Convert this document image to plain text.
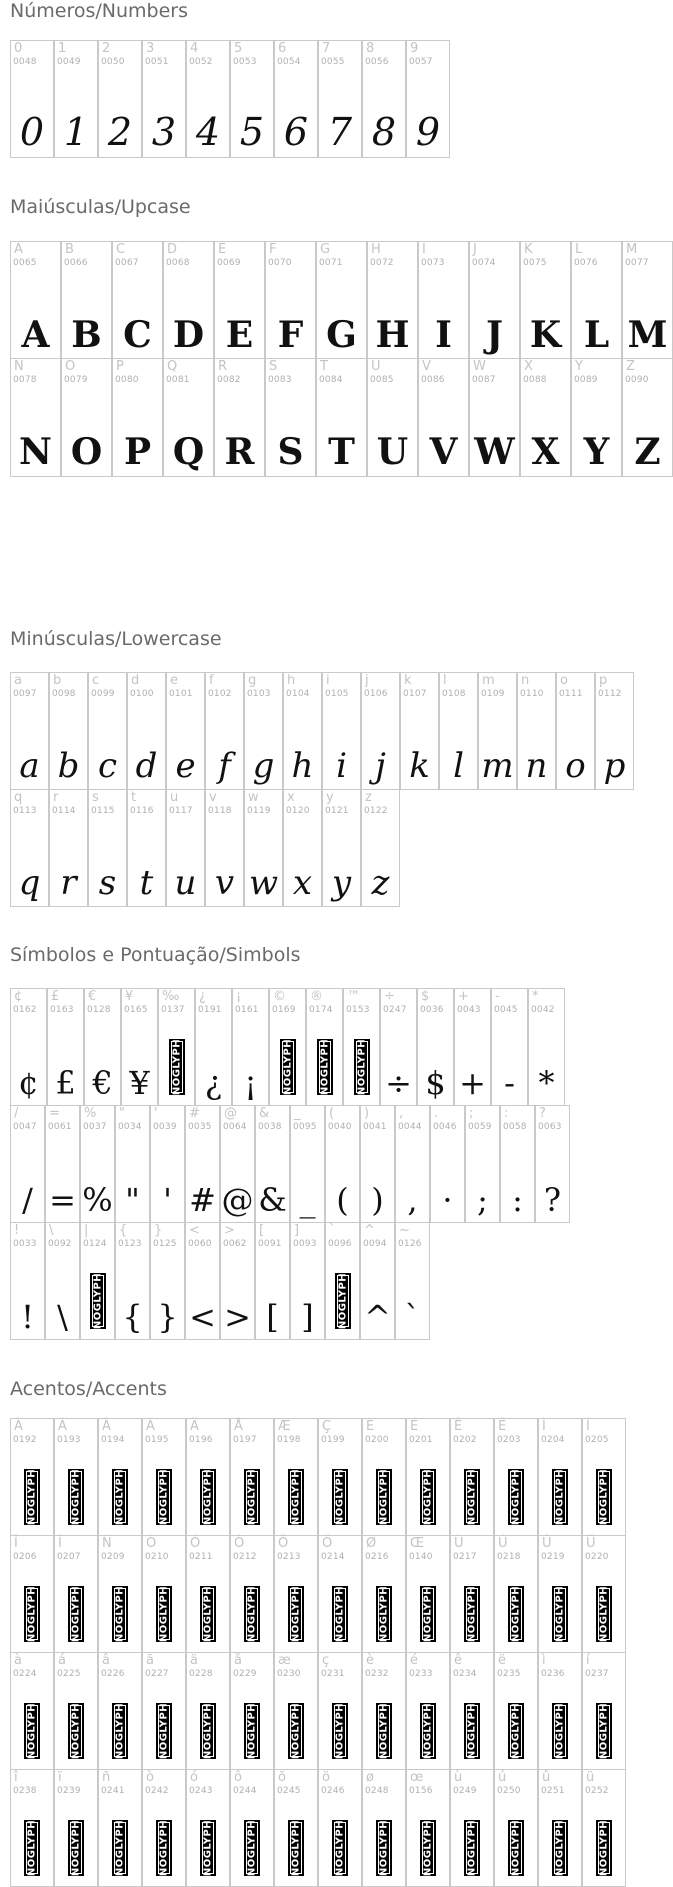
Números/Numbers
0
0048
0
1
0049
1
2
0050
2
3
0051
3
4
0052
4
5
0053
5
6
0054
6
7
0055
7
8
0056
8
9
0057
9
Maiúsculas/Upcase
A
0065
A
B
0066
B
C
0067
C
D
0068
D
E
0069
E
F
0070
F
G
0071
G
H
0072
H
I
0073
I
J
0074
J
K
0075
K
L
0076
L
M
0077
M
N
0078
N
O
0079
O
P
0080
P
Q
0081
Q
R
0082
R
S
0083
S
T
0084
T
U
0085
U
V
0086
V
W
0087
W
X
0088
X
Y
0089
Y
Z
0090
Z
Minúsculas/Lowercase
a
0097
a
b
0098
b
c
0099
c
d
0100
d
e
0101
e
f
0102
f
g
0103
g
h
0104
h
i
0105
i
j
0106
j
k
0107
k
l
0108
l
m
0109
m
n
0110
n
o
0111
o
p
0112
p
q
0113
q
r
0114
r
s
0115
s
t
0116
t
u
0117
u
v
0118
v
w
0119
w
x
0120
x
y
0121
y
z
0122
z
Símbolos e Pontuação/Simbols
¢
0162
¢
£
0163
£
€
0128
€
¥
0165
¥
‰
0137
NOGLYPH
¿
0191
¿
¡
0161
¡
©
0169
NOGLYPH
®
0174
NOGLYPH
™
0153
NOGLYPH
÷
0247
÷
$
0036
$
+
0043
+
-
0045
-
*
0042
*
/
0047
/
=
0061
=
%
0037
%
"
0034
"
'
0039
'
#
0035
#
@
0064
@
&
0038
&
_
0095
_
(
0040
(
)
0041
)
,
0044
,
.
0046
·
;
0059
;
:
0058
:
?
0063
?
!
0033
!
\
0092
\
|
0124
NOGLYPH
{
0123
{
}
0125
}
<
0060
<
>
0062
>
[
0091
[
]
0093
]
`
0096
NOGLYPH
^
0094
^
~
0126
`
Acentos/Accents
À
0192
NOGLYPH
Á
0193
NOGLYPH
Â
0194
NOGLYPH
Ã
0195
NOGLYPH
Ä
0196
NOGLYPH
Å
0197
NOGLYPH
Æ
0198
NOGLYPH
Ç
0199
NOGLYPH
È
0200
NOGLYPH
É
0201
NOGLYPH
Ê
0202
NOGLYPH
Ë
0203
NOGLYPH
Ì
0204
NOGLYPH
Í
0205
NOGLYPH
Î
0206
NOGLYPH
Ï
0207
NOGLYPH
Ñ
0209
NOGLYPH
Ò
0210
NOGLYPH
Ó
0211
NOGLYPH
Ô
0212
NOGLYPH
Õ
0213
NOGLYPH
Ö
0214
NOGLYPH
Ø
0216
NOGLYPH
Œ
0140
NOGLYPH
Ù
0217
NOGLYPH
Ú
0218
NOGLYPH
Û
0219
NOGLYPH
Ü
0220
NOGLYPH
à
0224
NOGLYPH
á
0225
NOGLYPH
â
0226
NOGLYPH
ã
0227
NOGLYPH
ä
0228
NOGLYPH
å
0229
NOGLYPH
æ
0230
NOGLYPH
ç
0231
NOGLYPH
è
0232
NOGLYPH
é
0233
NOGLYPH
ê
0234
NOGLYPH
ë
0235
NOGLYPH
ì
0236
NOGLYPH
í
0237
NOGLYPH
î
0238
NOGLYPH
ï
0239
NOGLYPH
ñ
0241
NOGLYPH
ò
0242
NOGLYPH
ó
0243
NOGLYPH
ô
0244
NOGLYPH
õ
0245
NOGLYPH
ö
0246
NOGLYPH
ø
0248
NOGLYPH
œ
0156
NOGLYPH
ù
0249
NOGLYPH
ú
0250
NOGLYPH
û
0251
NOGLYPH
ü
0252
NOGLYPH
